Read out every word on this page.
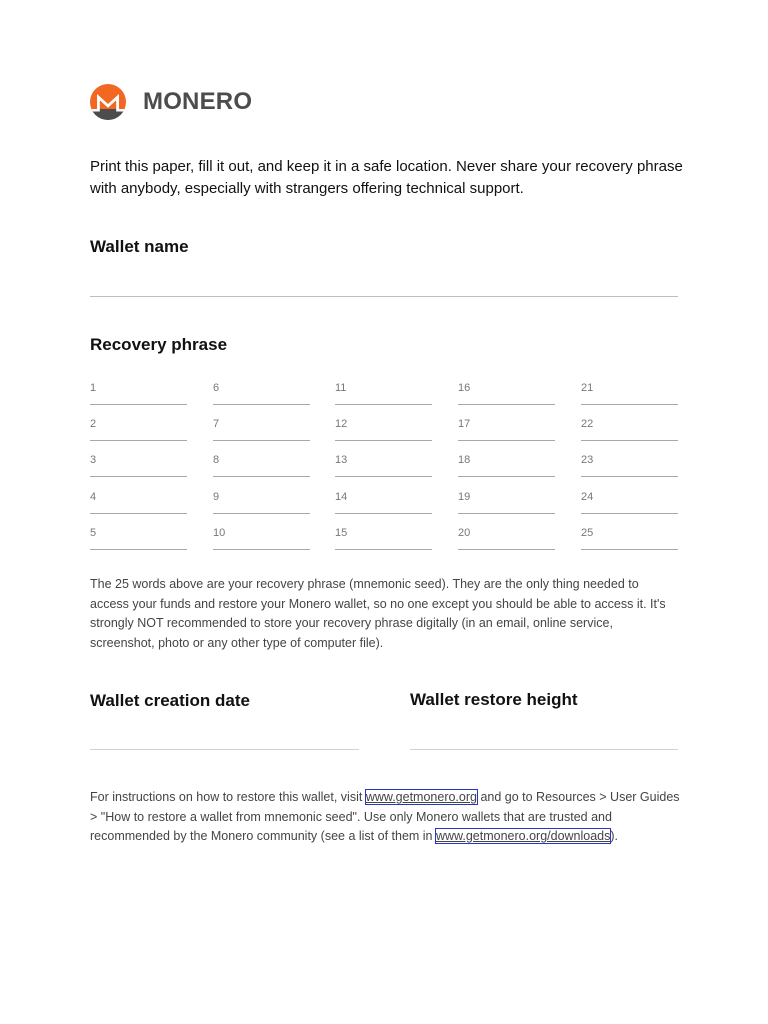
MONERO

Print this paper, fill it out, and keep it in a safe location. Never share your recovery phrase with anybody, especially with strangers offering technical support.

Wallet name
Recovery phrase
1
2
3
4
5
6
7
8
9
10
11
12
13
14
15
16
17
18
19
20
21
22
23
24
25

The 25 words above are your recovery phrase (mnemonic seed). They are the only thing needed to access your funds and restore your Monero wallet, so no one except you should be able to access it. It's strongly NOT recommended to store your recovery phrase digitally (in an email, online service, screenshot, photo or any other type of computer file).

Wallet creation date	Wallet restore height

For instructions on how to restore this wallet, visit www.getmonero.org and go to Resources > User Guides > "How to restore a wallet from mnemonic seed". Use only Monero wallets that are trusted and recommended by the Monero community (see a list of them in www.getmonero.org/downloads).
